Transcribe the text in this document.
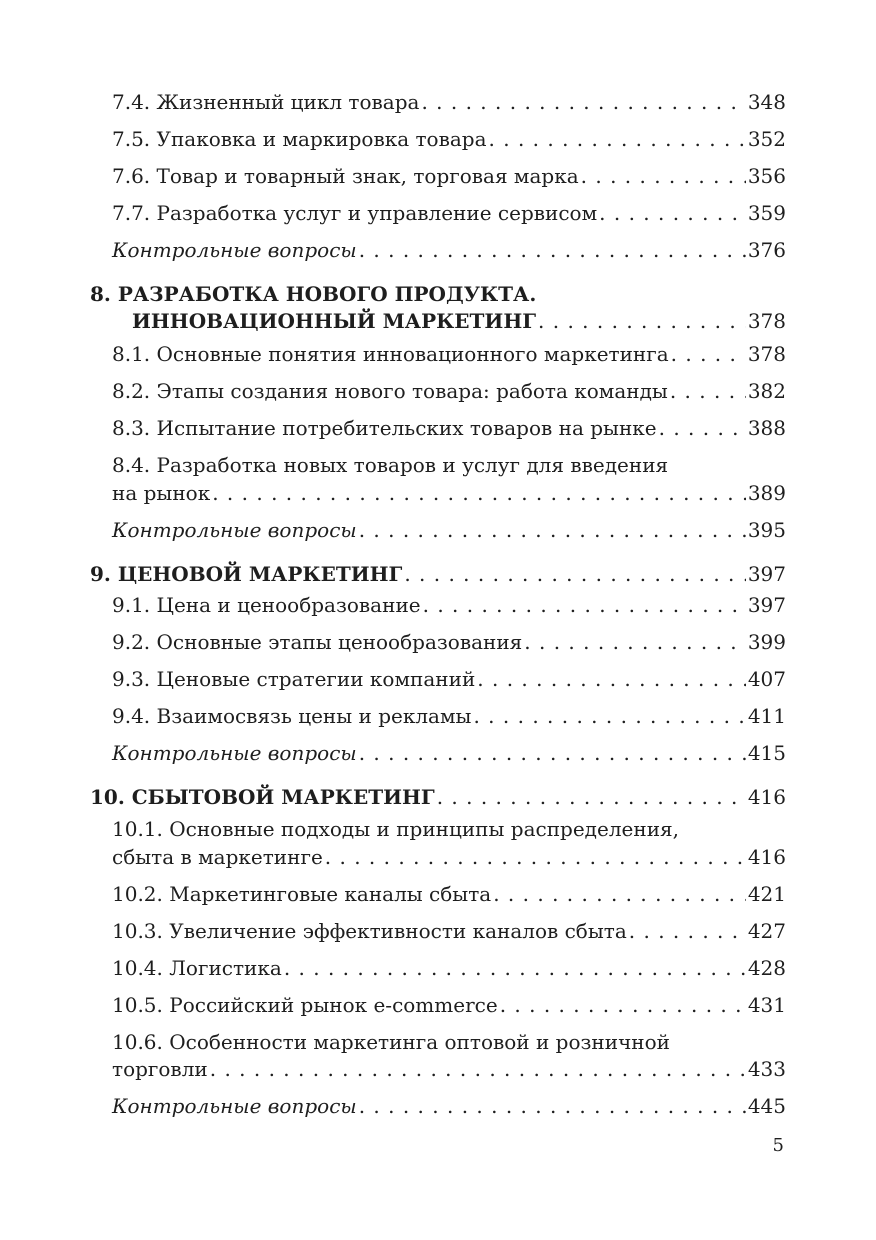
7.4. Жизненный цикл товара . . .	348
7.5. Упаковка и маркировка товара . . .	352
7.6. Товар и товарный знак, торговая марка . . .	356
7.7. Разработка услуг и управление сервисом . . .	359
Контрольные вопросы . . .	376
8. РАЗРАБОТКА НОВОГО ПРОДУКТА.
ИННОВАЦИОННЫЙ МАРКЕТИНГ . . .	378
8.1. Основные понятия инновационного маркетинга . . .	378
8.2. Этапы создания нового товара: работа команды . . .	382
8.3. Испытание потребительских товаров на рынке . . .	388
8.4. Разработка новых товаров и услуг для введения
на рынок . . .	389
Контрольные вопросы . . .	395
9. ЦЕНОВОЙ МАРКЕТИНГ . . .	397
9.1. Цена и ценообразование . . .	397
9.2. Основные этапы ценообразования . . .	399
9.3. Ценовые стратегии компаний . . .	407
9.4. Взаимосвязь цены и рекламы . . .	411
Контрольные вопросы . . .	415
10. СБЫТОВОЙ МАРКЕТИНГ . . .	416
10.1. Основные подходы и принципы распределения,
сбыта в маркетинге . . .	416
10.2. Маркетинговые каналы сбыта . . .	421
10.3. Увеличение эффективности каналов сбыта . . .	427
10.4. Логистика . . .	428
10.5. Российский рынок e-commerce . . .	431
10.6. Особенности маркетинга оптовой и розничной
торговли . . .	433
Контрольные вопросы . . .	445
5
